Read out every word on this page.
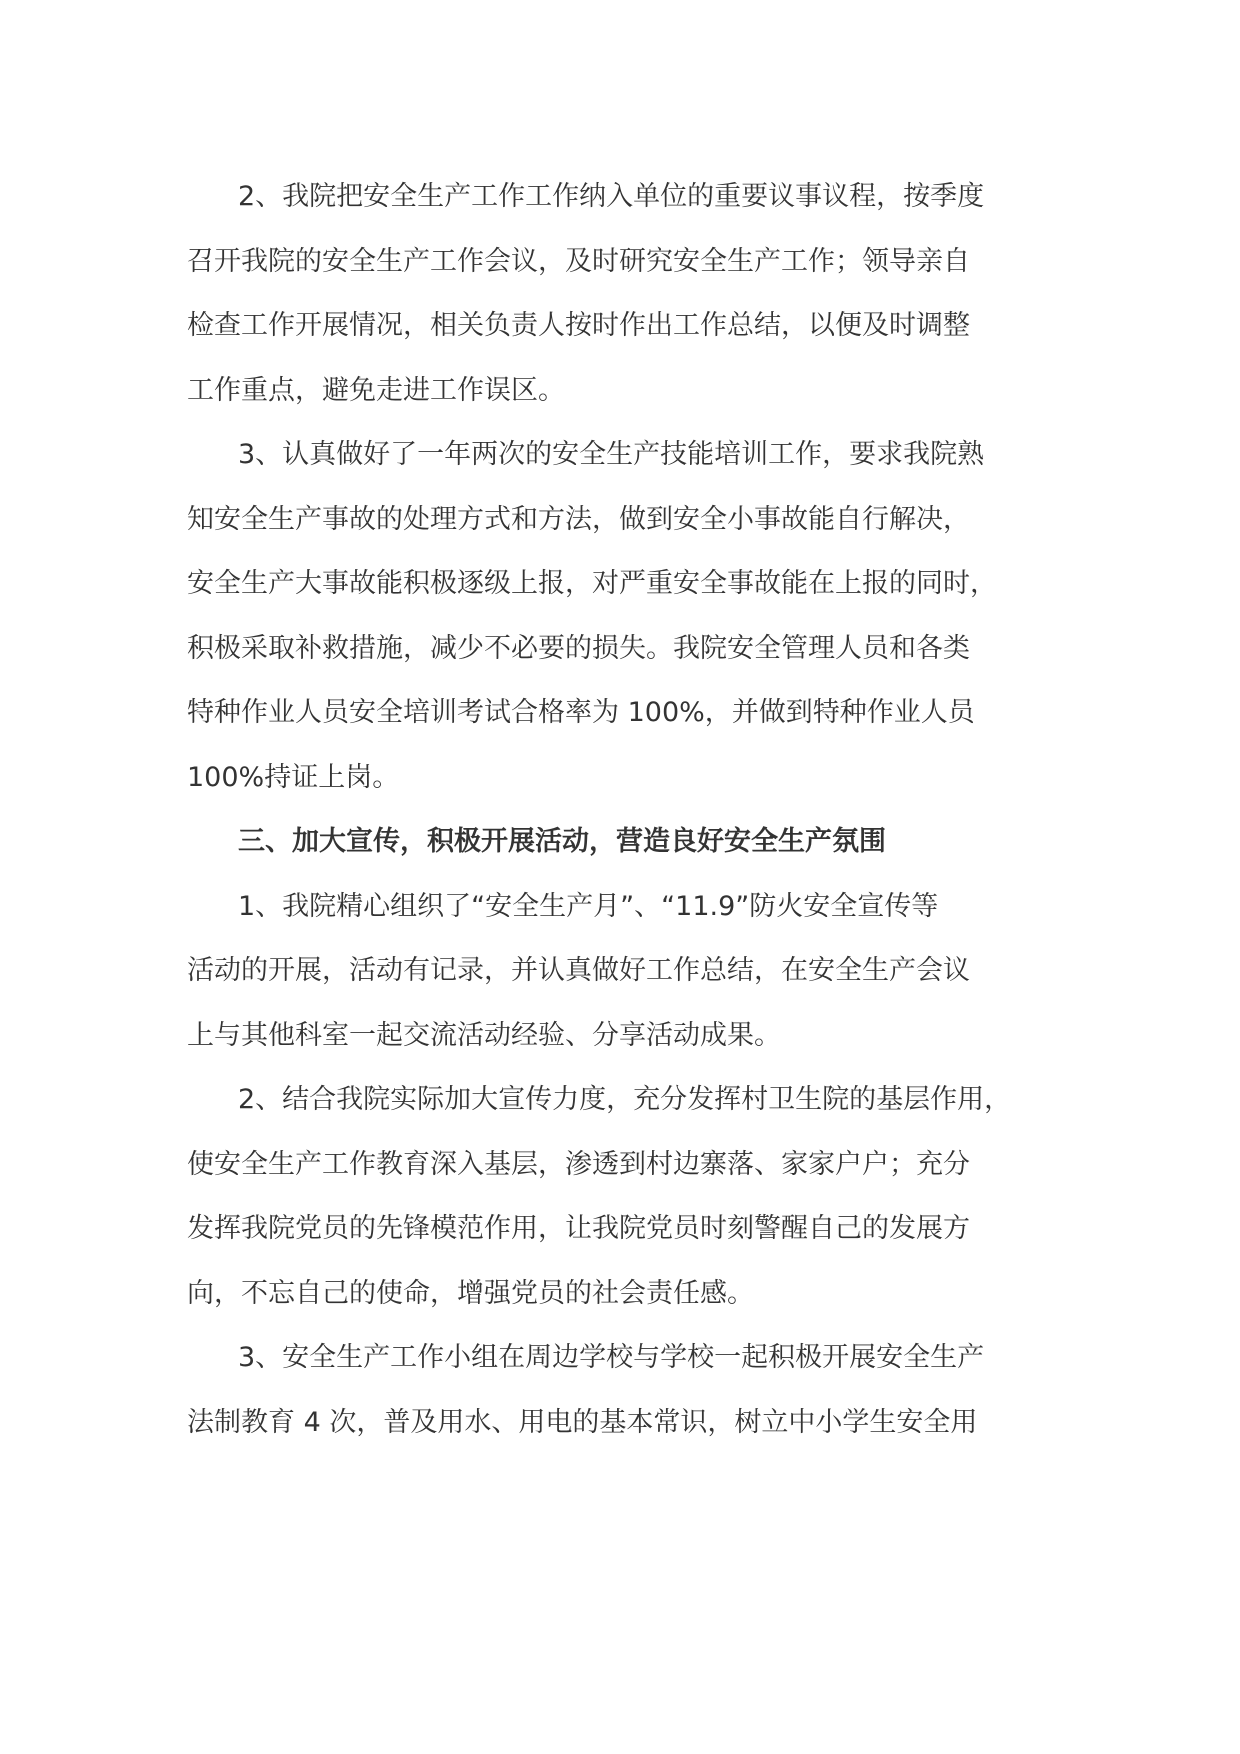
2、我院把安全生产工作工作纳入单位的重要议事议程，按季度
召开我院的安全生产工作会议，及时研究安全生产工作；领导亲自
检查工作开展情况，相关负责人按时作出工作总结，以便及时调整
工作重点，避免走进工作误区。
3、认真做好了一年两次的安全生产技能培训工作，要求我院熟
知安全生产事故的处理方式和方法，做到安全小事故能自行解决，
安全生产大事故能积极逐级上报，对严重安全事故能在上报的同时，
积极采取补救措施，减少不必要的损失。我院安全管理人员和各类
特种作业人员安全培训考试合格率为 100%，并做到特种作业人员
100%持证上岗。
三、加大宣传，积极开展活动，营造良好安全生产氛围
1、我院精心组织了“安全生产月”、“11.9”防火安全宣传等
活动的开展，活动有记录，并认真做好工作总结，在安全生产会议
上与其他科室一起交流活动经验、分享活动成果。
2、结合我院实际加大宣传力度，充分发挥村卫生院的基层作用，
使安全生产工作教育深入基层，渗透到村边寨落、家家户户；充分
发挥我院党员的先锋模范作用，让我院党员时刻警醒自己的发展方
向，不忘自己的使命，增强党员的社会责任感。
3、安全生产工作小组在周边学校与学校一起积极开展安全生产
法制教育 4 次，普及用水、用电的基本常识，树立中小学生安全用
